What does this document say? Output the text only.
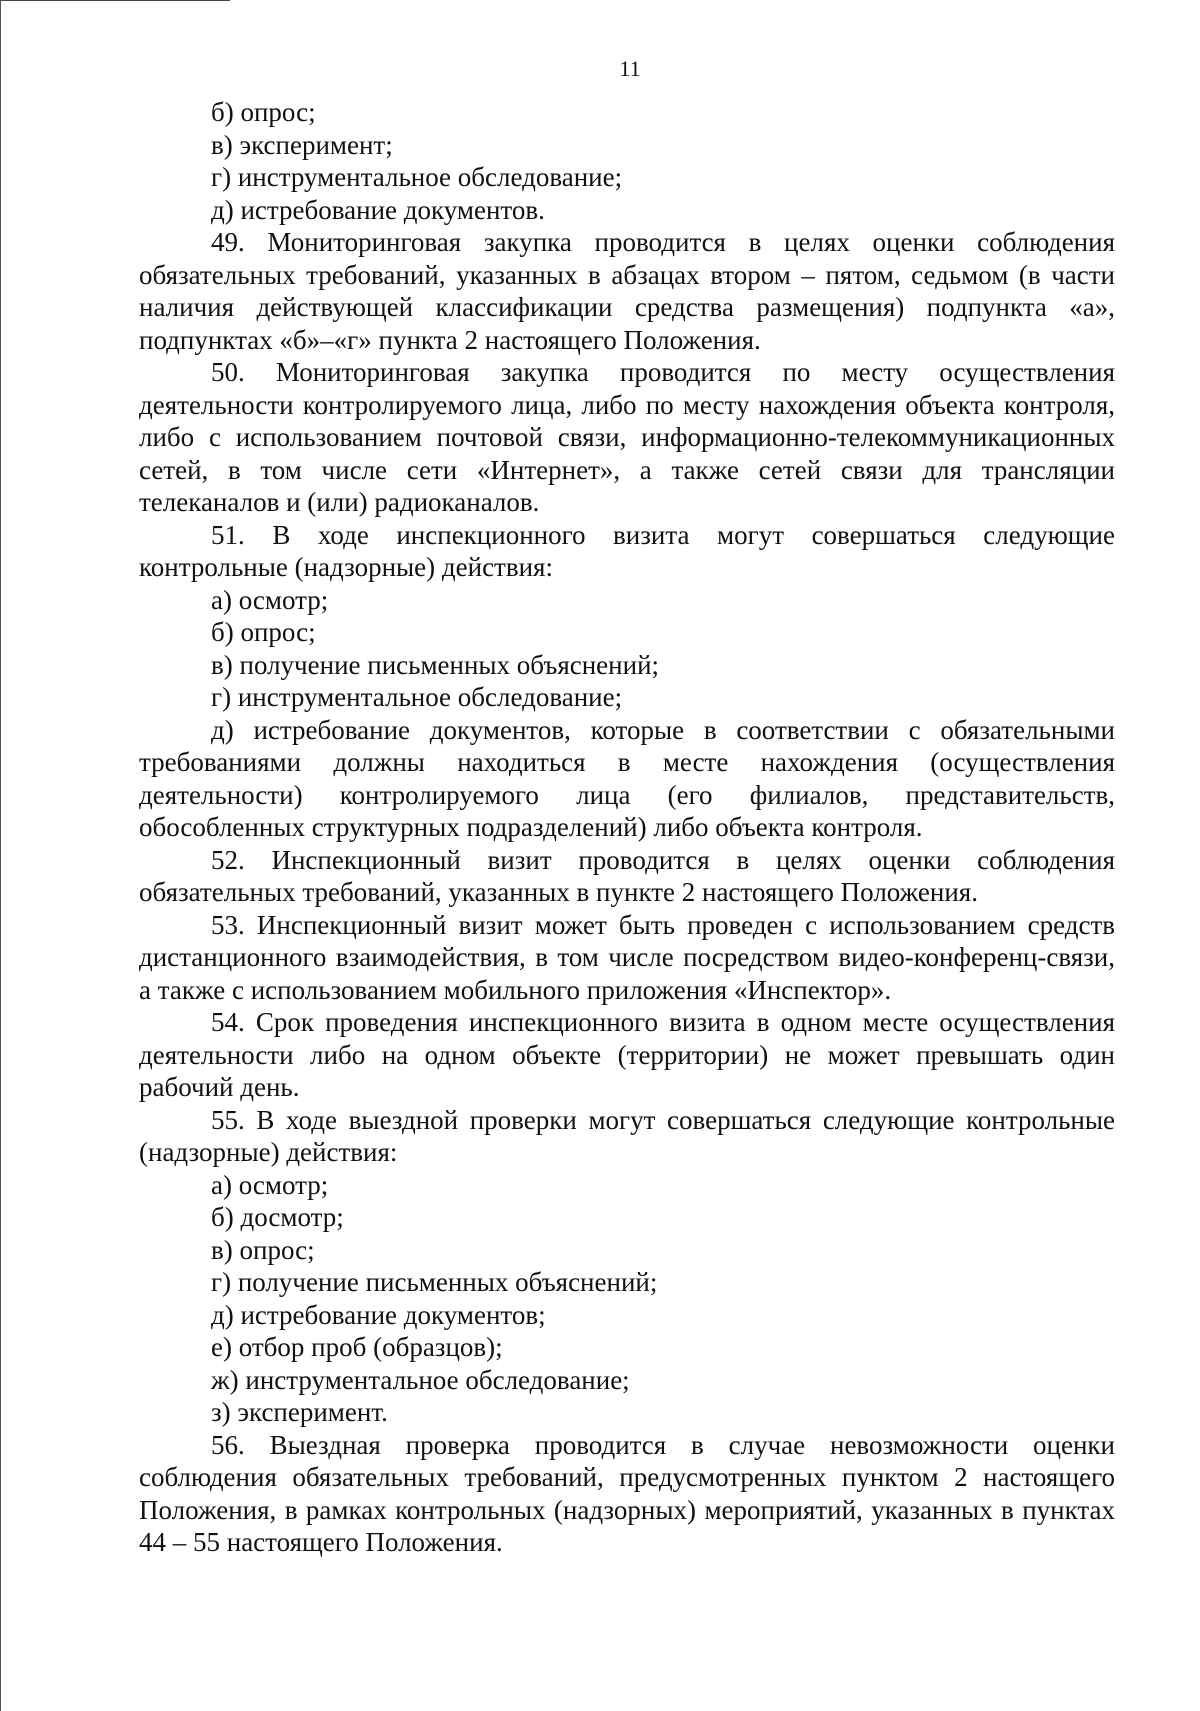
11

б) опрос;

в) эксперимент;

г) инструментальное обследование;

д) истребование документов.

49. Мониторинговая закупка проводится в целях оценки соблюдения обязательных требований, указанных в абзацах втором – пятом, седьмом (в части наличия действующей классификации средства размещения) подпункта «а», подпунктах «б»–«г» пункта 2 настоящего Положения.

50. Мониторинговая закупка проводится по месту осуществления деятельности контролируемого лица, либо по месту нахождения объекта контроля, либо с использованием почтовой связи, информационно-телекоммуникационных сетей, в том числе сети «Интернет», а также сетей связи для трансляции телеканалов и (или) радиоканалов.

51. В ходе инспекционного визита могут совершаться следующие контрольные (надзорные) действия:

а) осмотр;

б) опрос;

в) получение письменных объяснений;

г) инструментальное обследование;

д) истребование документов, которые в соответствии с обязательными требованиями должны находиться в месте нахождения (осуществления деятельности) контролируемого лица (его филиалов, представительств, обособленных структурных подразделений) либо объекта контроля.

52. Инспекционный визит проводится в целях оценки соблюдения обязательных требований, указанных в пункте 2 настоящего Положения.

53. Инспекционный визит может быть проведен с использованием средств дистанционного взаимодействия, в том числе посредством видео-конференц-связи, а также с использованием мобильного приложения «Инспектор».

54. Срок проведения инспекционного визита в одном месте осуществления деятельности либо на одном объекте (территории) не может превышать один рабочий день.

55. В ходе выездной проверки могут совершаться следующие контрольные (надзорные) действия:

а) осмотр;

б) досмотр;

в) опрос;

г) получение письменных объяснений;

д) истребование документов;

е) отбор проб (образцов);

ж) инструментальное обследование;

з) эксперимент.

56. Выездная проверка проводится в случае невозможности оценки соблюдения обязательных требований, предусмотренных пунктом 2 настоящего Положения, в рамках контрольных (надзорных) мероприятий, указанных в пунктах 44 – 55 настоящего Положения.
